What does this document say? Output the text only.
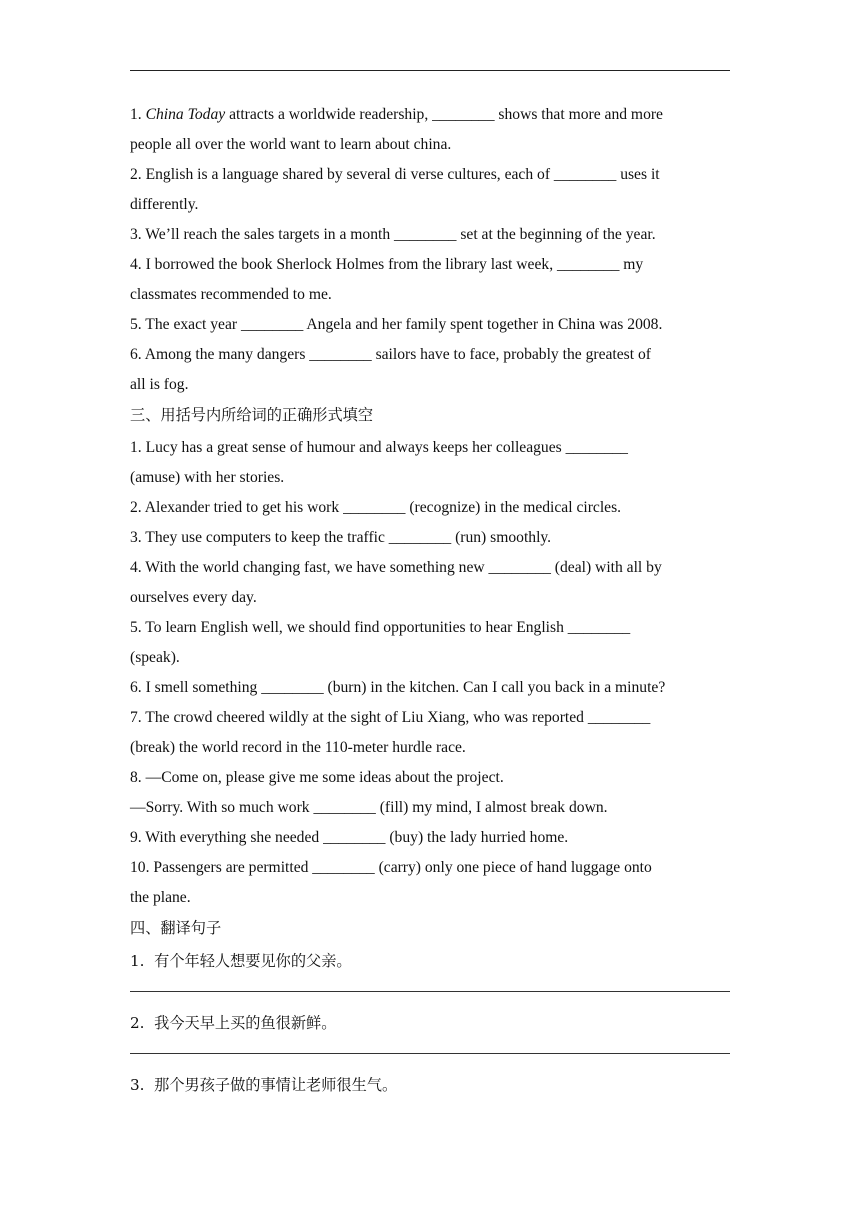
1. China Today attracts a worldwide readership, ________ shows that more and more
people all over the world want to learn about china.
2. English is a language shared by several di verse cultures, each of ________ uses it
differently.
3. We’ll reach the sales targets in a month ________ set at the beginning of the year.
4. I borrowed the book Sherlock Holmes from the library last week, ________ my
classmates recommended to me.
5. The exact year ________ Angela and her family spent together in China was 2008.
6. Among the many dangers ________ sailors have to face, probably the greatest of
all is fog.
三、用括号内所给词的正确形式填空
1. Lucy has a great sense of humour and always keeps her colleagues ________
(amuse) with her stories.
2. Alexander tried to get his work ________ (recognize) in the medical circles.
3. They use computers to keep the traffic ________ (run) smoothly.
4. With the world changing fast, we have something new ________ (deal) with all by
ourselves every day.
5. To learn English well, we should find opportunities to hear English ________
(speak).
6. I smell something ________ (burn) in the kitchen. Can I call you back in a minute?
7. The crowd cheered wildly at the sight of Liu Xiang, who was reported ________
(break) the world record in the 110-meter hurdle race.
8. —Come on, please give me some ideas about the project.
—Sorry. With so much work ________ (fill) my mind, I almost break down.
9. With everything she needed ________ (buy) the lady hurried home.
10. Passengers are permitted ________ (carry) only one piece of hand luggage onto
the plane.
四、翻译句子
1.  有个年轻人想要见你的父亲。
2.  我今天早上买的鱼很新鲜。
3.  那个男孩子做的事情让老师很生气。
